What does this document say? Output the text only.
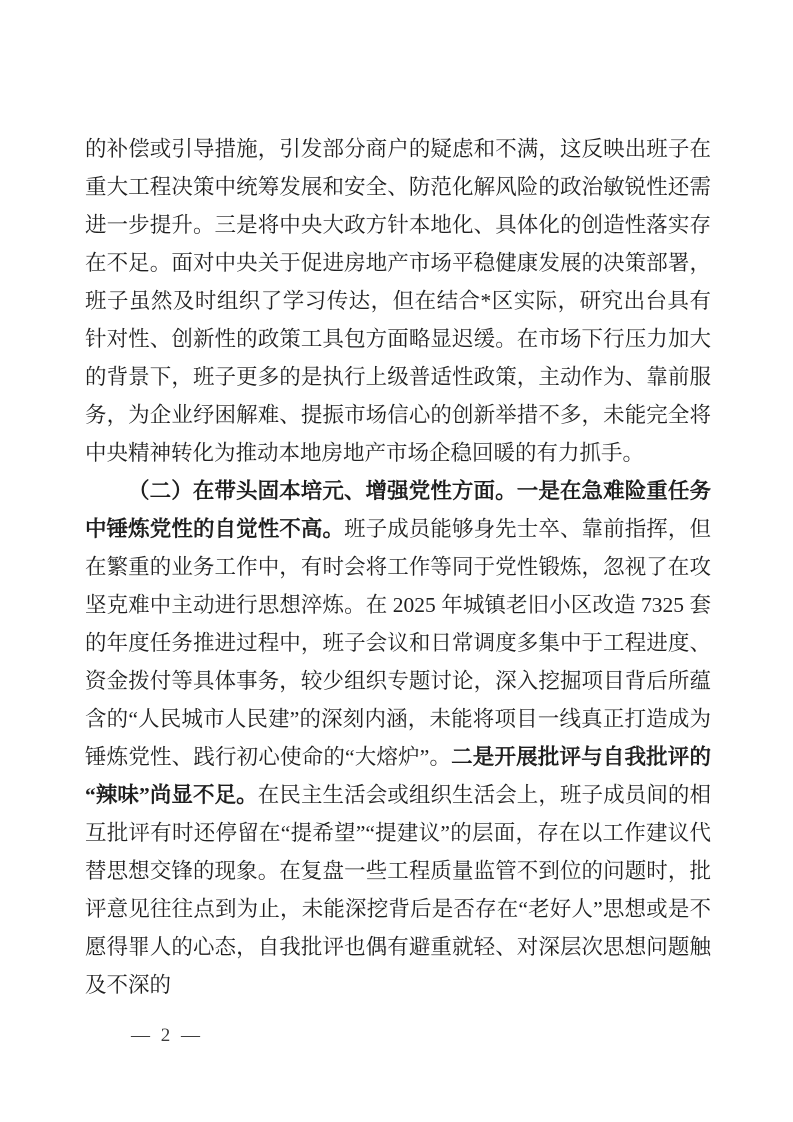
的补偿或引导措施，引发部分商户的疑虑和不满，这反映出班子在重大工程决策中统筹发展和安全、防范化解风险的政治敏锐性还需进一步提升。三是将中央大政方针本地化、具体化的创造性落实存在不足。面对中央关于促进房地产市场平稳健康发展的决策部署，班子虽然及时组织了学习传达，但在结合*区实际，研究出台具有针对性、创新性的政策工具包方面略显迟缓。在市场下行压力加大的背景下，班子更多的是执行上级普适性政策，主动作为、靠前服务，为企业纾困解难、提振市场信心的创新举措不多，未能完全将中央精神转化为推动本地房地产市场企稳回暖的有力抓手。

（二）在带头固本培元、增强党性方面。一是在急难险重任务中锤炼党性的自觉性不高。班子成员能够身先士卒、靠前指挥，但在繁重的业务工作中，有时会将工作等同于党性锻炼，忽视了在攻坚克难中主动进行思想淬炼。在 2025 年城镇老旧小区改造 7325 套的年度任务推进过程中，班子会议和日常调度多集中于工程进度、资金拨付等具体事务，较少组织专题讨论，深入挖掘项目背后所蕴含的“人民城市人民建”的深刻内涵，未能将项目一线真正打造成为锤炼党性、践行初心使命的“大熔炉”。二是开展批评与自我批评的“辣味”尚显不足。在民主生活会或组织生活会上，班子成员间的相互批评有时还停留在“提希望”“提建议”的层面，存在以工作建议代替思想交锋的现象。在复盘一些工程质量监管不到位的问题时，批评意见往往点到为止，未能深挖背后是否存在“老好人”思想或是不愿得罪人的心态，自我批评也偶有避重就轻、对深层次思想问题触及不深的

— 2 —
